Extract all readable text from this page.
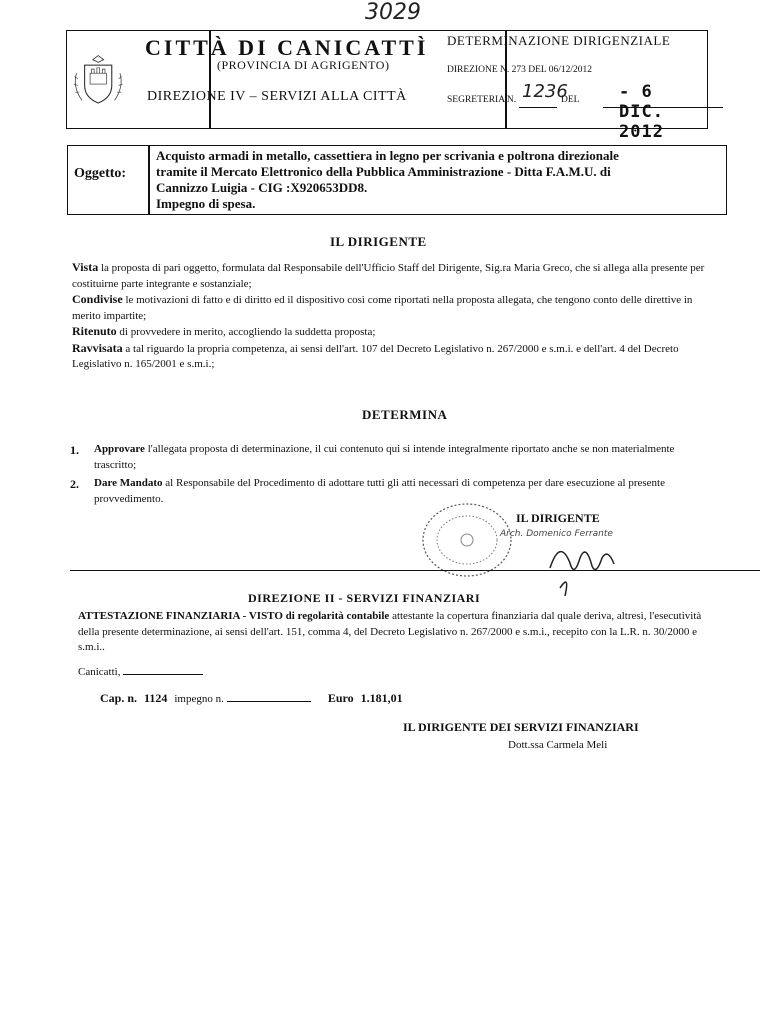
3029
CITTÀ DI CANICATTÌ
(PROVINCIA DI AGRIGENTO)
DIREZIONE IV – SERVIZI ALLA CITTÀ
DETERMINAZIONE DIRIGENZIALE
DIREZIONE N. 273 DEL 06/12/2012
SEGRETERIA N. 1236
DEL - 6 DIC. 2012
Oggetto:
Acquisto armadi in metallo, cassettiera in legno per scrivania e poltrona direzionale
tramite il Mercato Elettronico della Pubblica Amministrazione - Ditta F.A.M.U. di
Cannizzo Luigia - CIG :X920653DD8.
Impegno di spesa.
IL DIRIGENTE

Vista la proposta di pari oggetto, formulata dal Responsabile dell'Ufficio Staff del Dirigente, Sig.ra Maria Greco, che si allega alla presente per costituirne parte integrante e sostanziale;

Condivise le motivazioni di fatto e di diritto ed il dispositivo così come riportati nella proposta allegata, che tengono conto delle direttive in merito impartite;

Ritenuto di provvedere in merito, accogliendo la suddetta proposta;

Ravvisata a tal riguardo la propria competenza, ai sensi dell'art. 107 del Decreto Legislativo n. 267/2000 e s.m.i. e dell'art. 4 del Decreto Legislativo n. 165/2001 e s.m.i.;

DETERMINA
1. Approvare l'allegata proposta di determinazione, il cui contenuto qui si intende integralmente riportato anche se non materialmente trascritto;

2. Dare Mandato al Responsabile del Procedimento di adottare tutti gli atti necessari di competenza per dare esecuzione al presente provvedimento.

IL DIRIGENTE
Arch. Domenico Ferrante
DIREZIONE II - SERVIZI FINANZIARI

ATTESTAZIONE FINANZIARIA - VISTO di regolarità contabile attestante la copertura finanziaria dal quale deriva, altresì, l'esecutività della presente determinazione, ai sensi dell'art. 151, comma 4, del Decreto Legislativo n. 267/2000 e s.m.i., recepito con la L.R. n. 30/2000 e s.m.i..

Canicattì,
Cap. n. 1124 impegno n.	Euro 1.181,01
IL DIRIGENTE DEI SERVIZI FINANZIARI
Dott.ssa Carmela Meli
